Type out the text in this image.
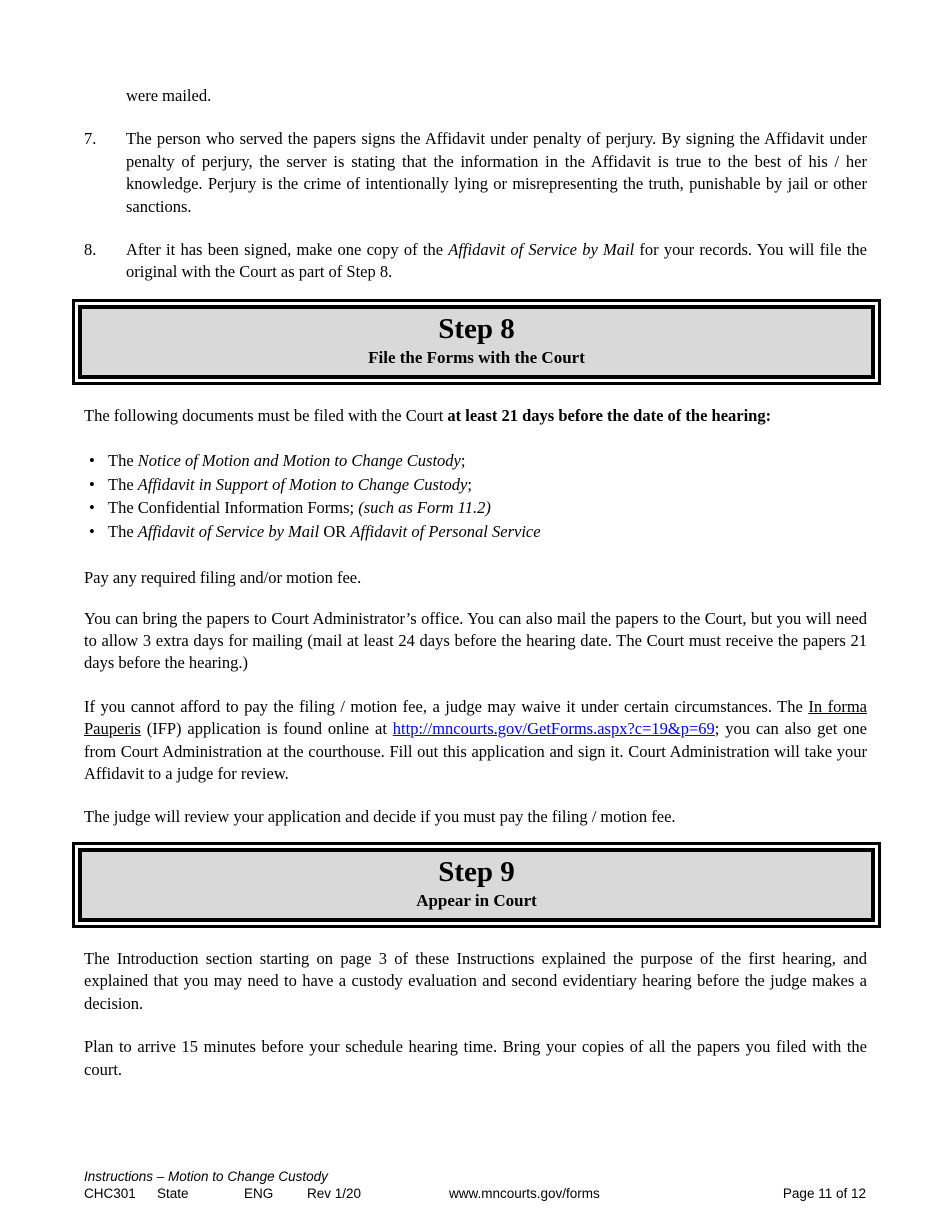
were mailed.

7.	The person who served the papers signs the Affidavit under penalty of perjury. By signing the Affidavit under penalty of perjury, the server is stating that the information in the Affidavit is true to the best of his / her knowledge. Perjury is the crime of intentionally lying or misrepresenting the truth, punishable by jail or other sanctions.

8.	After it has been signed, make one copy of the Affidavit of Service by Mail for your records. You will file the original with the Court as part of Step 8.

Step 8
File the Forms with the Court

The following documents must be filed with the Court at least 21 days before the date of the hearing:

• The Notice of Motion and Motion to Change Custody;
• The Affidavit in Support of Motion to Change Custody;
• The Confidential Information Forms; (such as Form 11.2)
• The Affidavit of Service by Mail OR Affidavit of Personal Service

Pay any required filing and/or motion fee.

You can bring the papers to Court Administrator’s office. You can also mail the papers to the Court, but you will need to allow 3 extra days for mailing (mail at least 24 days before the hearing date. The Court must receive the papers 21 days before the hearing.)

If you cannot afford to pay the filing / motion fee, a judge may waive it under certain circumstances. The In forma Pauperis (IFP) application is found online at http://mncourts.gov/GetForms.aspx?c=19&p=69; you can also get one from Court Administration at the courthouse. Fill out this application and sign it. Court Administration will take your Affidavit to a judge for review.

The judge will review your application and decide if you must pay the filing / motion fee.

Step 9
Appear in Court

The Introduction section starting on page 3 of these Instructions explained the purpose of the first hearing, and explained that you may need to have a custody evaluation and second evidentiary hearing before the judge makes a decision.

Plan to arrive 15 minutes before your schedule hearing time. Bring your copies of all the papers you filed with the court.

Instructions – Motion to Change Custody
CHC301 State	ENG Rev 1/20	www.mncourts.gov/forms	Page 11 of 12
